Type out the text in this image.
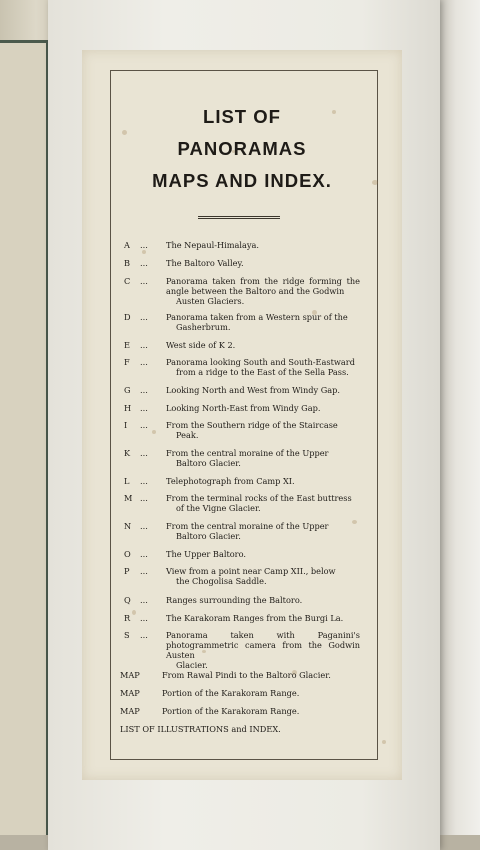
LIST OF
PANORAMAS
MAPS AND INDEX.
A	...	The Nepaul-Himalaya.
B	...	The Baltoro Valley.
C	...	Panorama taken from the ridge forming the angle between the Baltoro and the Godwin
Austen Glaciers.
D	...	Panorama taken from a Western spur of the
Gasherbrum.
E	...	West side of K 2.
F	...	Panorama looking South and South-Eastward
from a ridge to the East of the Sella Pass.
G	...	Looking North and West from Windy Gap.
H	...	Looking North-East from Windy Gap.
I	...	From the Southern ridge of the Staircase
Peak.
K	...	From the central moraine of the Upper
Baltoro Glacier.
L	...	Telephotograph from Camp XI.
M ...	From the terminal rocks of the East buttress
of the Vigne Glacier.
N	...	From the central moraine of the Upper
Baltoro Glacier.
O	...	The Upper Baltoro.
P	...	View from a point near Camp XII., below
the Chogolisa Saddle.
Q	...	Ranges surrounding the Baltoro.
R	...	The Karakoram Ranges from the Burgi La.
S	...	Panorama taken with Paganini's photogrammetric camera from the Godwin Austen
Glacier.
MAP	From Rawal Pindi to the Baltoro Glacier.
MAP	Portion of the Karakoram Range.
MAP	Portion of the Karakoram Range.
LIST OF ILLUSTRATIONS and INDEX.
